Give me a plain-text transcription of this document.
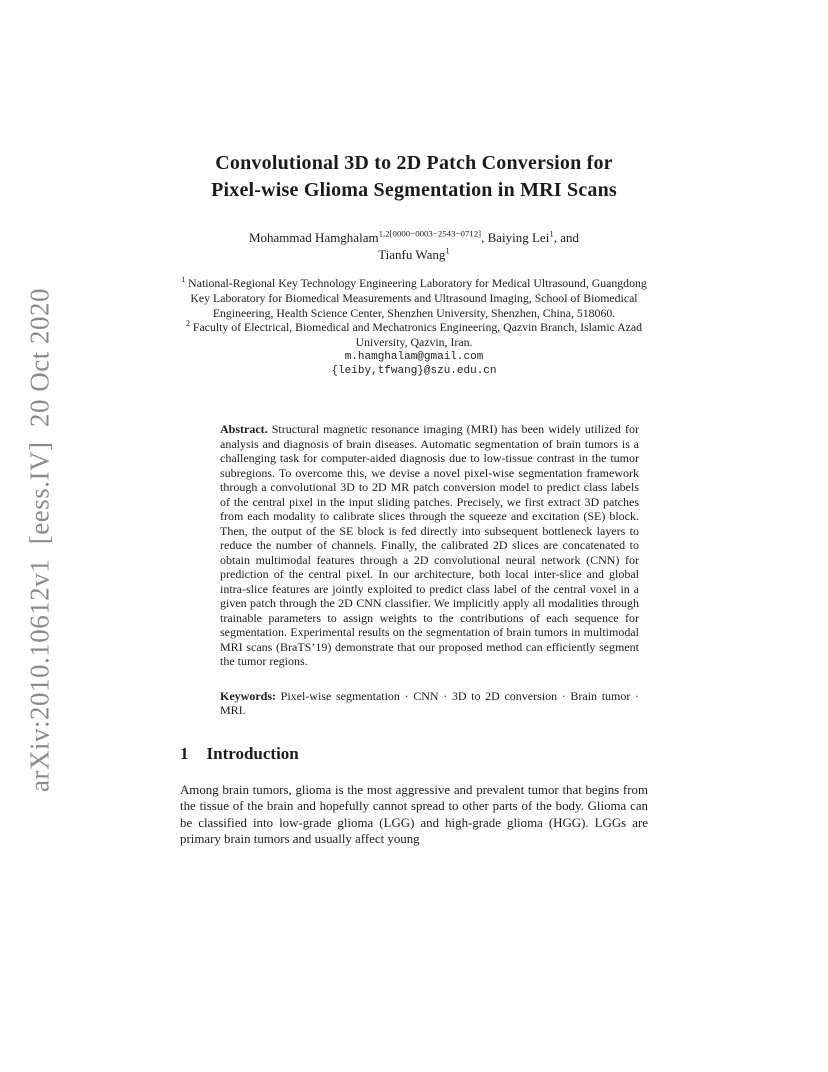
arXiv:2010.10612v1  [eess.IV]  20 Oct 2020
Convolutional 3D to 2D Patch Conversion for
Pixel-wise Glioma Segmentation in MRI Scans
Mohammad Hamghalam$^{1,2[0000-0003-2543-0712]}$, Baiying Lei$^1$, and
Tianfu Wang$^1$

$^1$ National-Regional Key Technology Engineering Laboratory for Medical Ultrasound, Guangdong Key Laboratory for Biomedical Measurements and Ultrasound Imaging, School of Biomedical Engineering, Health Science Center, Shenzhen University, Shenzhen, China, 518060.

$^2$ Faculty of Electrical, Biomedical and Mechatronics Engineering, Qazvin Branch, Islamic Azad University, Qazvin, Iran.

m.hamghalam@gmail.com

{leiby,tfwang}@szu.edu.cn

Abstract. Structural magnetic resonance imaging (MRI) has been widely utilized for analysis and diagnosis of brain diseases. Automatic segmentation of brain tumors is a challenging task for computer-aided diagnosis due to low-tissue contrast in the tumor subregions. To overcome this, we devise a novel pixel-wise segmentation framework through a convolutional 3D to 2D MR patch conversion model to predict class labels of the central pixel in the input sliding patches. Precisely, we first extract 3D patches from each modality to calibrate slices through the squeeze and excitation (SE) block. Then, the output of the SE block is fed directly into subsequent bottleneck layers to reduce the number of channels. Finally, the calibrated 2D slices are concatenated to obtain multimodal features through a 2D convolutional neural network (CNN) for prediction of the central pixel. In our architecture, both local inter-slice and global intra-slice features are jointly exploited to predict class label of the central voxel in a given patch through the 2D CNN classifier. We implicitly apply all modalities through trainable parameters to assign weights to the contributions of each sequence for segmentation. Experimental results on the segmentation of brain tumors in multimodal MRI scans (BraTS’19) demonstrate that our proposed method can efficiently segment the tumor regions.

Keywords: Pixel-wise segmentation · CNN · 3D to 2D conversion · Brain tumor · MRI.

1 Introduction

Among brain tumors, glioma is the most aggressive and prevalent tumor that begins from the tissue of the brain and hopefully cannot spread to other parts of the body. Glioma can be classified into low-grade glioma (LGG) and high-grade glioma (HGG). LGGs are primary brain tumors and usually affect young
